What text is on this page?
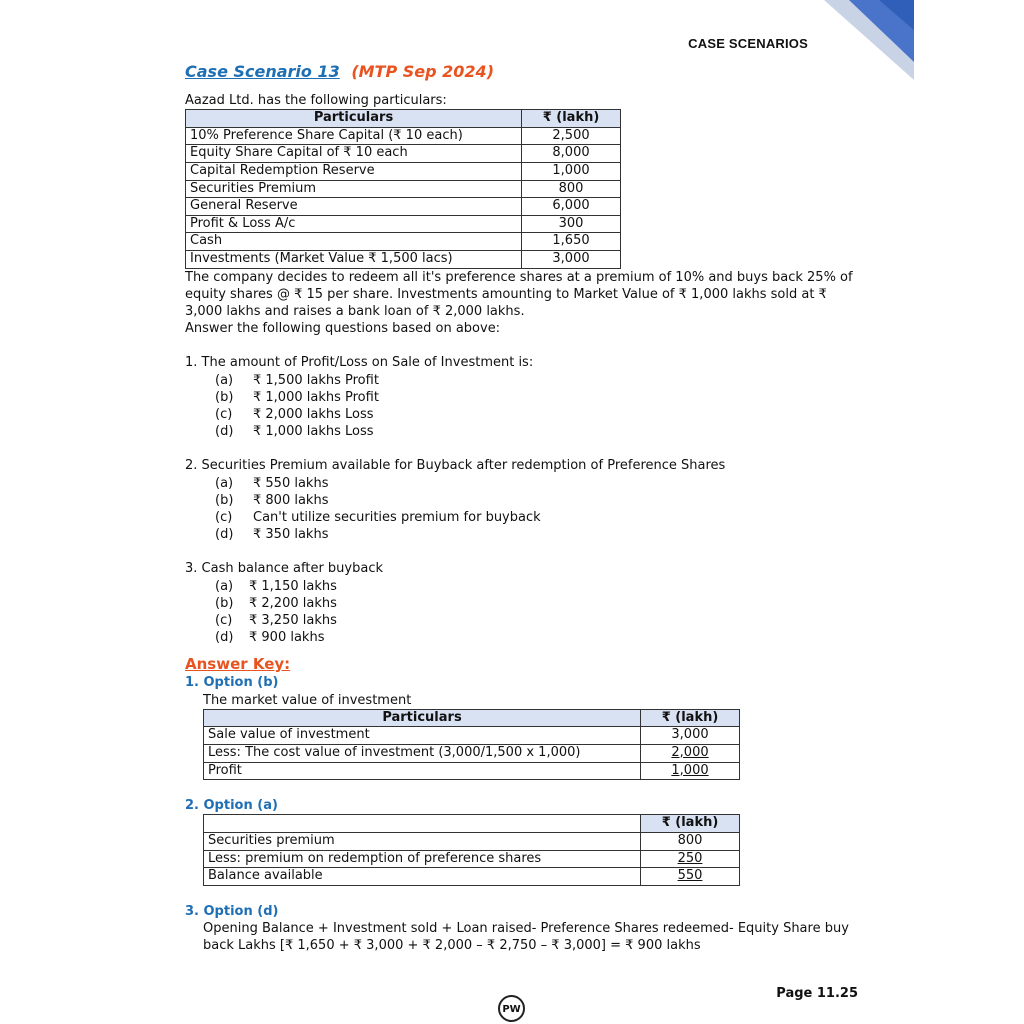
CASE SCENARIOS
Case Scenario 13 (MTP Sep 2024)

Aazad Ltd. has the following particulars:

Particulars	₹ (lakh)
10% Preference Share Capital (₹ 10 each)	2,500
Equity Share Capital of ₹ 10 each	8,000
Capital Redemption Reserve	1,000
Securities Premium	800
General Reserve	6,000
Profit & Loss A/c	300
Cash	1,650
Investments (Market Value ₹ 1,500 lacs)	3,000

The company decides to redeem all it's preference shares at a premium of 10% and buys back 25% of equity shares @ ₹ 15 per share. Investments amounting to Market Value of ₹ 1,000 lakhs sold at ₹ 3,000 lakhs and raises a bank loan of ₹ 2,000 lakhs.

Answer the following questions based on above:

1. The amount of Profit/Loss on Sale of Investment is:

(a)	₹ 1,500 lakhs Profit
(b)	₹ 1,000 lakhs Profit
(c)	₹ 2,000 lakhs Loss
(d)	₹ 1,000 lakhs Loss

2. Securities Premium available for Buyback after redemption of Preference Shares

(a)	₹ 550 lakhs
(b)	₹ 800 lakhs
(c)	Can't utilize securities premium for buyback
(d)	₹ 350 lakhs

3. Cash balance after buyback

(a)	₹ 1,150 lakhs
(b)	₹ 2,200 lakhs
(c)	₹ 3,250 lakhs
(d)	₹ 900 lakhs
Answer Key:

1. Option (b)

The market value of investment

Particulars	₹ (lakh)
Sale value of investment	3,000
Less: The cost value of investment (3,000/1,500 x 1,000)	2,000
Profit	1,000

2. Option (a)

	₹ (lakh)
Securities premium	800
Less: premium on redemption of preference shares	250
Balance available	550

3. Option (d)

Opening Balance + Investment sold + Loan raised- Preference Shares redeemed- Equity Share buy back Lakhs [₹ 1,650 + ₹ 3,000 + ₹ 2,000 – ₹ 2,750 – ₹ 3,000] = ₹ 900 lakhs

Page 11.25
PW
